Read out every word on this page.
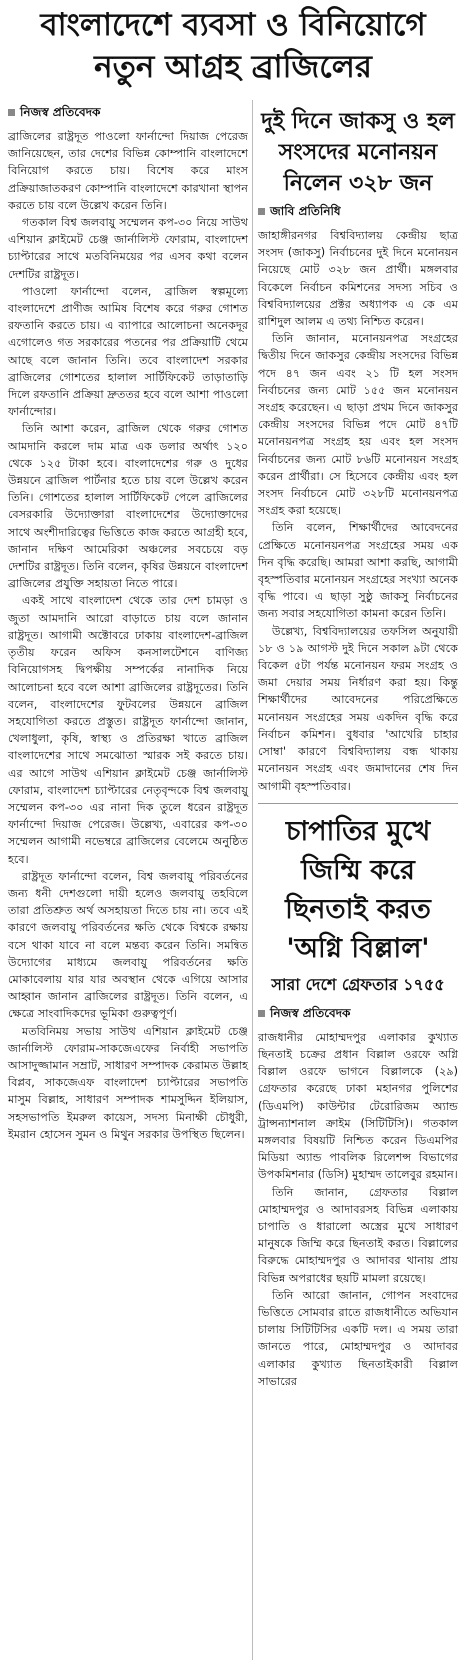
বাংলাদেশে ব্যবসা ও বিনিয়োগে
নতুন আগ্রহ ব্রাজিলের
নিজস্ব প্রতিবেদক

ব্রাজিলের রাষ্ট্রদূত পাওলো ফার্নান্দো দিয়াজ পেরেজ জানিয়েছেন, তার দেশের বিভিন্ন কোম্পানি বাংলাদেশে বিনিয়োগ করতে চায়। বিশেষ করে মাংস প্রক্রিয়াজাতকরণ কোম্পানি বাংলাদেশে কারখানা স্থাপন করতে চায় বলে উল্লেখ করেন তিনি।

গতকাল বিশ্ব জলবায়ু সম্মেলন কপ-৩০ নিয়ে সাউথ এশিয়ান ক্লাইমেট চেঞ্জ জার্নালিস্ট ফোরাম, বাংলাদেশ চ্যাপ্টারের সাথে মতবিনিময়ের পর এসব কথা বলেন দেশটির রাষ্ট্রদূত।

পাওলো ফার্নান্দো বলেন, ব্রাজিল স্বল্পমূল্যে বাংলাদেশে প্রাণীজ আমিষ বিশেষ করে গরুর গোশত রফতানি করতে চায়। এ ব্যাপারে আলোচনা অনেকদূর এগোলেও গত সরকারের পতনের পর প্রক্রিয়াটি থেমে আছে বলে জানান তিনি। তবে বাংলাদেশ সরকার ব্রাজিলের গোশতের হালাল সার্টিফিকেট তাড়াতাড়ি দিলে রফতানি প্রক্রিয়া দ্রুততর হবে বলে আশা পাওলো ফার্নান্দোর।

তিনি আশা করেন, ব্রাজিল থেকে গরুর গোশত আমদানি করলে দাম মাত্র এক ডলার অর্থাৎ ১২০ থেকে ১২৫ টাকা হবে। বাংলাদেশের গরু ও দুধের উন্নয়নে ব্রাজিল পার্টনার হতে চায় বলে উল্লেখ করেন তিনি। গোশতের হালাল সার্টিফিকেট পেলে ব্রাজিলের বেসরকারি উদ্যোক্তারা বাংলাদেশের উদ্যোক্তাদের সাথে অংশীদারিত্বের ভিত্তিতে কাজ করতে আগ্রহী হবে, জানান দক্ষিণ আমেরিকা অঞ্চলের সবচেয়ে বড় দেশটির রাষ্ট্রদূত। তিনি বলেন, কৃষির উন্নয়নে বাংলাদেশ ব্রাজিলের প্রযুক্তি সহায়তা নিতে পারে।

একই সাথে বাংলাদেশ থেকে তার দেশ চামড়া ও জুতা আমদানি আরো বাড়াতে চায় বলে জানান রাষ্ট্রদূত। আগামী অক্টোবরে ঢাকায় বাংলাদেশ-ব্রাজিল তৃতীয় ফরেন অফিস কনসালটেশনে বাণিজ্য বিনিয়োগসহ দ্বিপক্ষীয় সম্পর্কের নানাদিক নিয়ে আলোচনা হবে বলে আশা ব্রাজিলের রাষ্ট্রদূতের। তিনি বলেন, বাংলাদেশের ফুটবলের উন্নয়নে ব্রাজিল সহযোগিতা করতে প্রস্তুত। রাষ্ট্রদূত ফার্নান্দো জানান, খেলাধুলা, কৃষি, স্বাস্থ্য ও প্রতিরক্ষা খাতে ব্রাজিল বাংলাদেশের সাথে সমঝোতা স্মারক সই করতে চায়। এর আগে সাউথ এশিয়ান ক্লাইমেট চেঞ্জ জার্নালিস্ট ফোরাম, বাংলাদেশ চ্যাপ্টারের নেতৃবৃন্দকে বিশ্ব জলবায়ু সম্মেলন কপ-৩০ এর নানা দিক তুলে ধরেন রাষ্ট্রদূত ফার্নান্দো দিয়াজ পেরেজ। উল্লেখ্য, এবারের কপ-৩০ সম্মেলন আগামী নভেম্বরে ব্রাজিলের বেলেমে অনুষ্ঠিত হবে।

রাষ্ট্রদূত ফার্নান্দো বলেন, বিশ্ব জলবায়ু পরিবর্তনের জন্য ধনী দেশগুলো দায়ী হলেও জলবায়ু তহবিলে তারা প্রতিশ্রুত অর্থ অসহায়তা দিতে চায় না। তবে এই কারণে জলবায়ু পরিবর্তনের ক্ষতি থেকে বিশ্বকে রক্ষায় বসে থাকা যাবে না বলে মন্তব্য করেন তিনি। সমন্বিত উদ্যোগের মাধ্যমে জলবায়ু পরিবর্তনের ক্ষতি মোকাবেলায় যার যার অবস্থান থেকে এগিয়ে আসার আহ্বান জানান ব্রাজিলের রাষ্ট্রদূত। তিনি বলেন, এ ক্ষেত্রে সাংবাদিকদের ভূমিকা গুরুত্বপূর্ণ।

মতবিনিময় সভায় সাউথ এশিয়ান ক্লাইমেট চেঞ্জ জার্নালিস্ট ফোরাম-সাকজেএফের নির্বাহী সভাপতি আসাদুজ্জামান সম্রাট, সাধারণ সম্পাদক কেরামত উল্লাহ বিপ্লব, সাকজেএফ বাংলাদেশ চ্যাপ্টারের সভাপতি মাসুম বিল্লাহ, সাধারণ সম্পাদক শামসুদ্দিন ইলিয়াস, সহসভাপতি ইমরুল কায়েস, সদস্য মিনাক্ষী চৌধুরী, ইমরান হোসেন সুমন ও মিথুন সরকার উপস্থিত ছিলেন।

দুই দিনে জাকসু ও হল সংসদের মনোনয়ন নিলেন ৩২৮ জন
জাবি প্রতিনিধি

জাহাঙ্গীরনগর বিশ্ববিদ্যালয় কেন্দ্রীয় ছাত্র সংসদ (জাকসু) নির্বাচনের দুই দিনে মনোনয়ন নিয়েছে মোট ৩২৮ জন প্রার্থী। মঙ্গলবার বিকেলে নির্বাচন কমিশনের সদস্য সচিব ও বিশ্ববিদ্যালয়ের প্রক্টর অধ্যাপক এ কে এম রাশিদুল আলম এ তথ্য নিশ্চিত করেন।

তিনি জানান, মনোনয়নপত্র সংগ্রহের দ্বিতীয় দিনে জাকসুর কেন্দ্রীয় সংসদের বিভিন্ন পদে ৪৭ জন এবং ২১ টি হল সংসদ নির্বাচনের জন্য মোট ১৫৫ জন মনোনয়ন সংগ্রহ করেছেন। এ ছাড়া প্রথম দিনে জাকসুর কেন্দ্রীয় সংসদের বিভিন্ন পদে মোট ৪৭টি মনোনয়নপত্র সংগ্রহ হয় এবং হল সংসদ নির্বাচনের জন্য মোট ৮৬টি মনোনয়ন সংগ্রহ করেন প্রার্থীরা। সে হিসেবে কেন্দ্রীয় এবং হল সংসদ নির্বাচনে মোট ৩২৮টি মনোনয়নপত্র সংগ্রহ করা হয়েছে।

তিনি বলেন, শিক্ষার্থীদের আবেদনের প্রেক্ষিতে মনোনয়নপত্র সংগ্রহের সময় এক দিন বৃদ্ধি করেছি। আমরা আশা করছি, আগামী বৃহস্পতিবার মনোনয়ন সংগ্রহের সংখ্যা অনেক বৃদ্ধি পাবে। এ ছাড়া সুষ্ঠু জাকসু নির্বাচনের জন্য সবার সহযোগিতা কামনা করেন তিনি।

উল্লেখ্য, বিশ্ববিদ্যালয়ের তফসিল অনুযায়ী ১৮ ও ১৯ আগস্ট দুই দিনে সকাল ৯টা থেকে বিকেল ৫টা পর্যন্ত মনোনয়ন ফরম সংগ্রহ ও জমা দেয়ার সময় নির্ধারণ করা হয়। কিন্তু শিক্ষার্থীদের আবেদনের পরিপ্রেক্ষিতে মনোনয়ন সংগ্রহের সময় একদিন বৃদ্ধি করে নির্বাচন কমিশন। বুধবার 'আখেরি চাহার সোম্বা' কারণে বিশ্ববিদ্যালয় বন্ধ থাকায় মনোনয়ন সংগ্রহ এবং জমাদানের শেষ দিন আগামী বৃহস্পতিবার।

চাপাতির মুখে জিম্মি করে ছিনতাই করত 'অগ্নি বিল্লাল'
সারা দেশে গ্রেফতার ১৭৫৫
নিজস্ব প্রতিবেদক

রাজধানীর মোহাম্মদপুর এলাকার কুখ্যাত ছিনতাই চক্রের প্রধান বিল্লাল ওরফে অগ্নি বিল্লাল ওরফে ভাগনে বিল্লালকে (২৯) গ্রেফতার করেছে ঢাকা মহানগর পুলিশের (ডিএমপি) কাউন্টার টেরোরিজম অ্যান্ড ট্রান্সন্যাশনাল ক্রাইম (সিটিটিসি)। গতকাল মঙ্গলবার বিষয়টি নিশ্চিত করেন ডিএমপির মিডিয়া অ্যান্ড পাবলিক রিলেশন্স বিভাগের উপকমিশনার (ডিসি) মুহাম্মদ তালেবুর রহমান।

তিনি জানান, গ্রেফতার বিল্লাল মোহাম্মদপুর ও আদাবরসহ বিভিন্ন এলাকায় চাপাতি ও ধারালো অস্ত্রের মুখে সাধারণ মানুষকে জিম্মি করে ছিনতাই করত। বিল্লালের বিরুদ্ধে মোহাম্মদপুর ও আদাবর থানায় প্রায় বিভিন্ন অপরাধের ছয়টি মামলা রয়েছে।

তিনি আরো জানান, গোপন সংবাদের ভিত্তিতে সোমবার রাতে রাজধানীতে অভিযান চালায় সিটিটিসির একটি দল। এ সময় তারা জানতে পারে, মোহাম্মদপুর ও আদাবর এলাকার কুখ্যাত ছিনতাইকারী বিল্লাল সাভারের
